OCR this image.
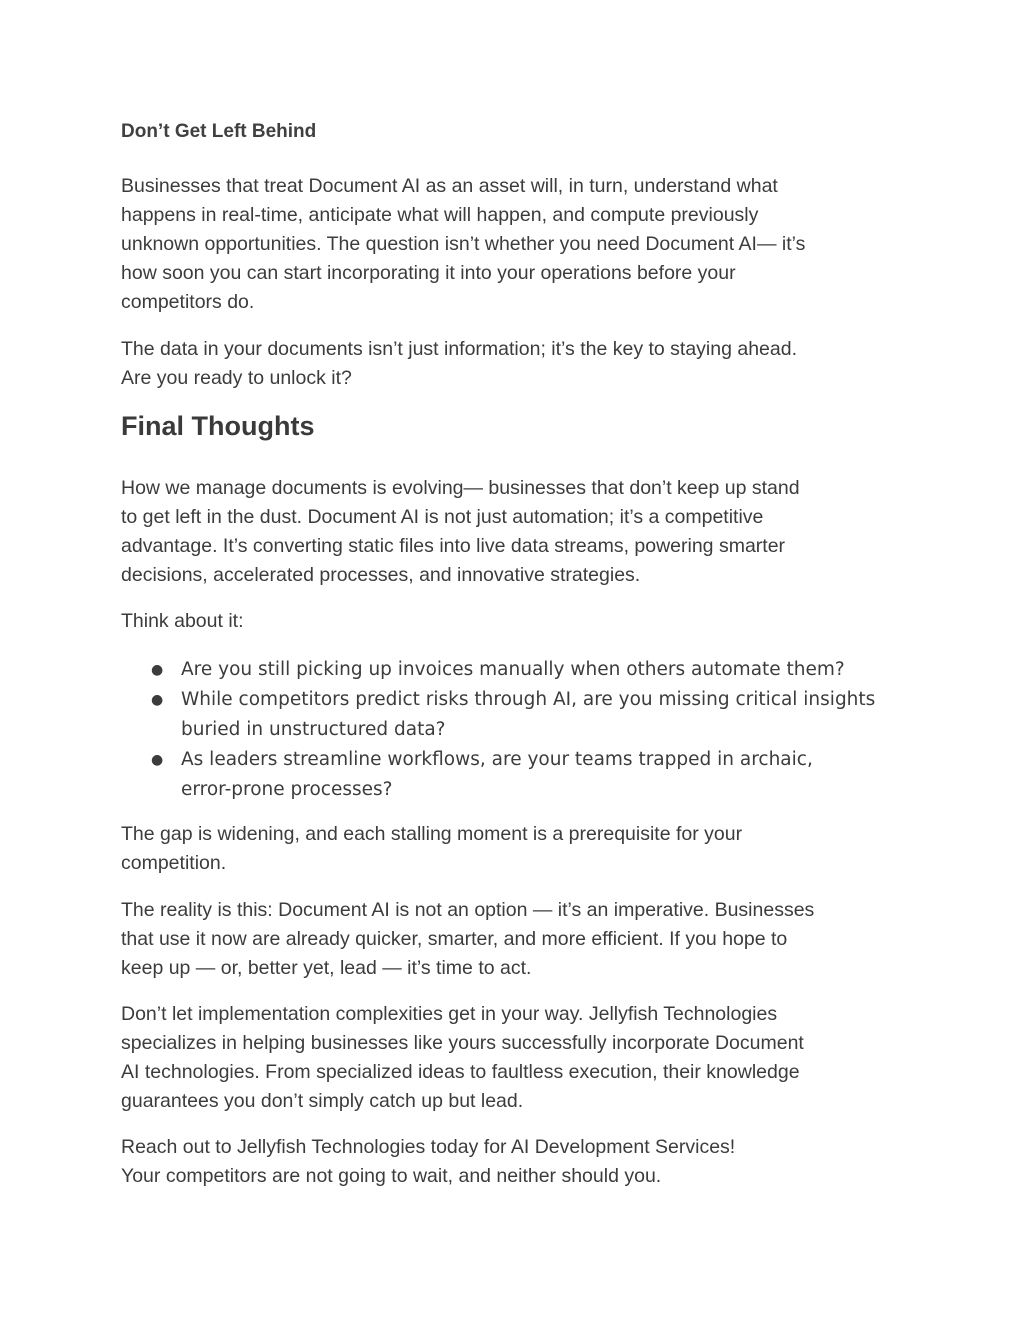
Don’t Get Left Behind
Businesses that treat Document AI as an asset will, in turn, understand what
happens in real-time, anticipate what will happen, and compute previously
unknown opportunities. The question isn’t whether you need Document AI— it’s
how soon you can start incorporating it into your operations before your
competitors do.
The data in your documents isn’t just information; it’s the key to staying ahead.
Are you ready to unlock it?
Final Thoughts
How we manage documents is evolving— businesses that don’t keep up stand
to get left in the dust. Document AI is not just automation; it’s a competitive
advantage. It’s converting static files into live data streams, powering smarter
decisions, accelerated processes, and innovative strategies.
Think about it:
● Are you still picking up invoices manually when others automate them?
● While competitors predict risks through AI, are you missing critical insights
buried in unstructured data?
● As leaders streamline workflows, are your teams trapped in archaic,
error-prone processes?
The gap is widening, and each stalling moment is a prerequisite for your
competition.
The reality is this: Document AI is not an option — it’s an imperative. Businesses
that use it now are already quicker, smarter, and more efficient. If you hope to
keep up — or, better yet, lead — it’s time to act.
Don’t let implementation complexities get in your way. Jellyfish Technologies
specializes in helping businesses like yours successfully incorporate Document
AI technologies. From specialized ideas to faultless execution, their knowledge
guarantees you don’t simply catch up but lead.
Reach out to Jellyfish Technologies today for AI Development Services!
Your competitors are not going to wait, and neither should you.
